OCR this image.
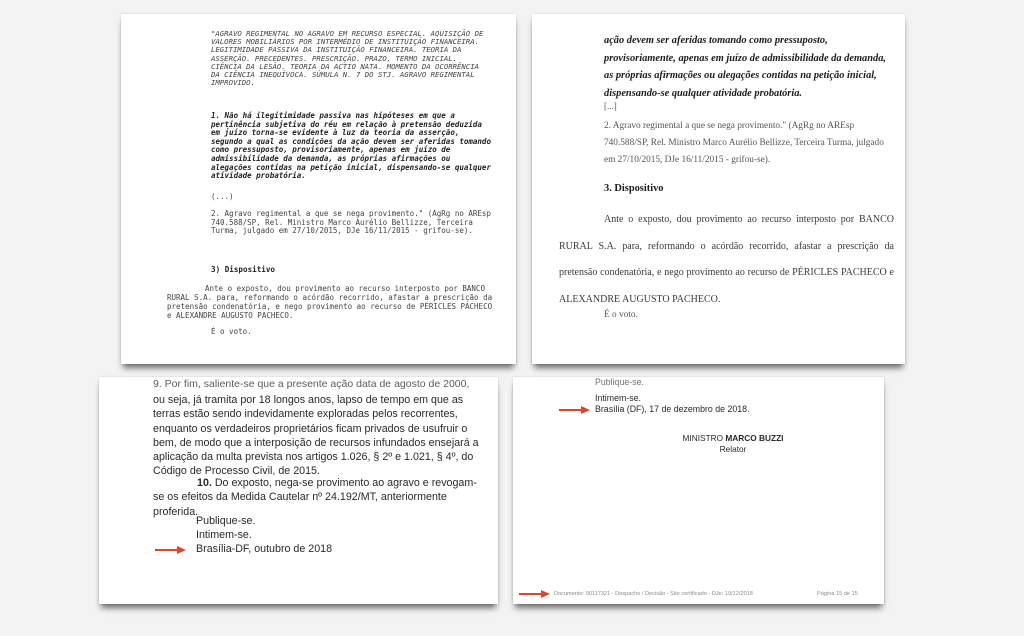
"AGRAVO REGIMENTAL NO AGRAVO EM RECURSO ESPECIAL. AQUISIÇÃO DE VALORES MOBILIÁRIOS POR INTERMÉDIO DE INSTITUIÇÃO FINANCEIRA. LEGITIMIDADE PASSIVA DA INSTITUIÇÃO FINANCEIRA. TEORIA DA ASSERÇÃO. PRECEDENTES. PRESCRIÇÃO. PRAZO. TERMO INICIAL. CIÊNCIA DA LESÃO. TEORIA DA ACTIO NATA. MOMENTO DA OCORRÊNCIA DA CIÊNCIA INEQUÍVOCA. SÚMULA N. 7 DO STJ. AGRAVO REGIMENTAL IMPROVIDO.
1. Não há ilegitimidade passiva nas hipóteses em que a pertinência subjetiva do réu em relação à pretensão deduzida em juízo torna-se evidente à luz da teoria da asserção, segundo a qual as condições da ação devem ser aferidas tomando como pressuposto, provisoriamente, apenas em juízo de admissibilidade da demanda, as próprias afirmações ou alegações contidas na petição inicial, dispensando-se qualquer atividade probatória.
(...)
2. Agravo regimental a que se nega provimento." (AgRg no AREsp 740.588/SP, Rel. Ministro Marco Aurélio Bellizze, Terceira Turma, julgado em 27/10/2015, DJe 16/11/2015 - grifou-se).
3) Dispositivo
Ante o exposto, dou provimento ao recurso interposto por BANCO RURAL S.A. para, reformando o acórdão recorrido, afastar a prescrição da pretensão condenatória, e nego provimento ao recurso de PÉRICLES PACHECO e ALEXANDRE AUGUSTO PACHECO.
É o voto.
ação devem ser aferidas tomando como pressuposto, provisoriamente, apenas em juízo de admissibilidade da demanda, as próprias afirmações ou alegações contidas na petição inicial, dispensando-se qualquer atividade probatória.
[...]
2. Agravo regimental a que se nega provimento." (AgRg no AREsp 740.588/SP, Rel. Ministro Marco Aurélio Bellizze, Terceira Turma, julgado em 27/10/2015, DJe 16/11/2015 - grifou-se).
3. Dispositivo
Ante o exposto, dou provimento ao recurso interposto por BANCO RURAL S.A. para, reformando o acórdão recorrido, afastar a prescrição da pretensão condenatória, e nego provimento ao recurso de PÉRICLES PACHECO e ALEXANDRE AUGUSTO PACHECO.
É o voto.
9. Por fim, saliente-se que a presente ação data de agosto de 2000,
ou seja, já tramita por 18 longos anos, lapso de tempo em que as terras estão sendo indevidamente exploradas pelos recorrentes, enquanto os verdadeiros proprietários ficam privados de usufruir o bem, de modo que a interposição de recursos infundados ensejará a aplicação da multa prevista nos artigos 1.026, § 2º e 1.021, § 4º, do Código de Processo Civil, de 2015.
10. Do exposto, nega-se provimento ao agravo e revogam-se os efeitos da Medida Cautelar nº 24.192/MT, anteriormente proferida.
Publique-se.
Intimem-se.
Brasília-DF, outubro de 2018
Publique-se.
Intimem-se.
Brasília (DF), 17 de dezembro de 2018.
MINISTRO MARCO BUZZI
Relator
Documento: 90117321 - Despacho / Decisão - Site certificado - DJe: 19/12/2018	Página 15 de 15
